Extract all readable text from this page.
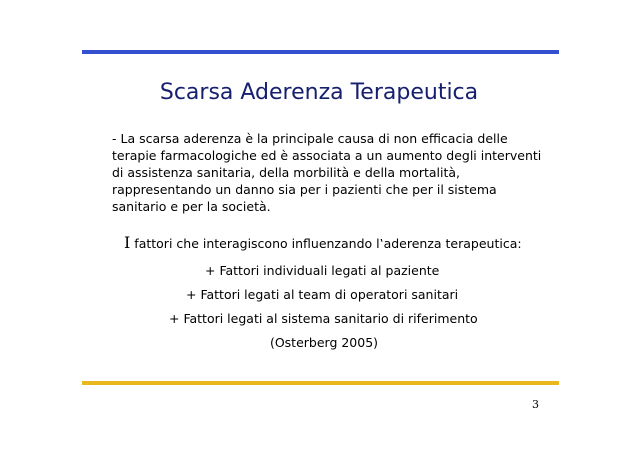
Scarsa Aderenza Terapeutica

- La scarsa aderenza è la principale causa di non efficacia delle terapie farmacologiche ed è associata a un aumento degli interventi di assistenza sanitaria, della morbilità e della mortalità, rappresentando un danno sia per i pazienti che per il sistema sanitario e per la società.

I fattori che interagiscono influenzando l‛aderenza terapeutica:
+ Fattori individuali legati al paziente
+ Fattori legati al team di operatori sanitari
+ Fattori legati al sistema sanitario di riferimento
(Osterberg 2005)
3
